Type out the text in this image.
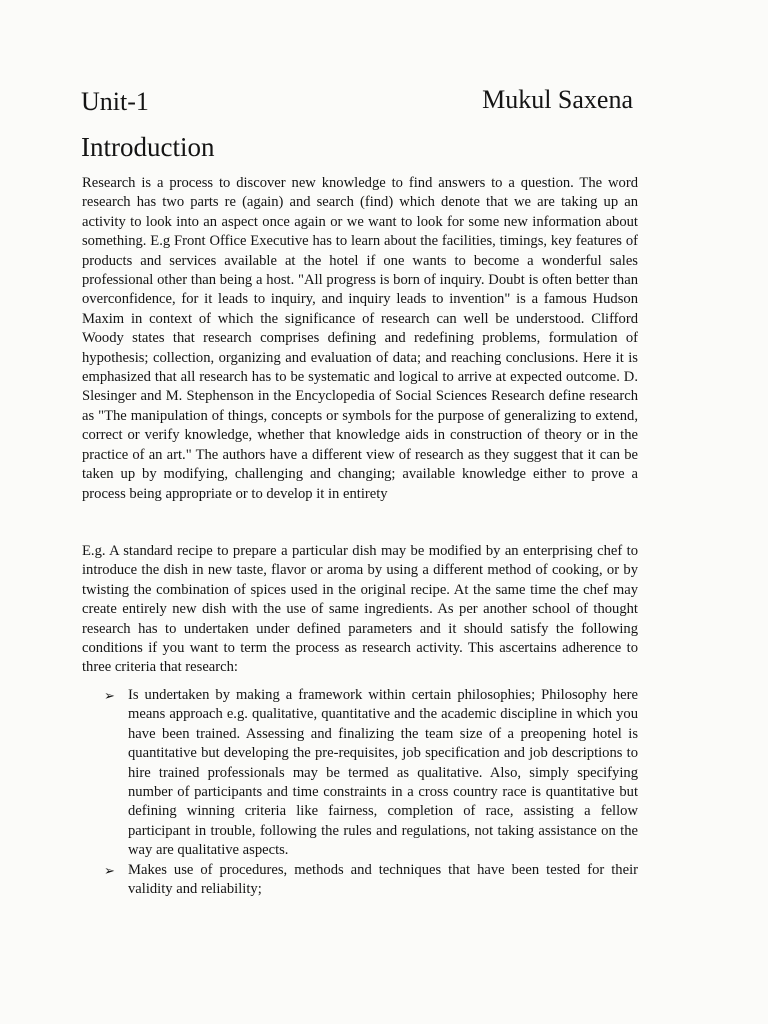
Unit-1	Mukul Saxena
Introduction

Research is a process to discover new knowledge to find answers to a question. The word research has two parts re (again) and search (find) which denote that we are taking up an activity to look into an aspect once again or we want to look for some new information about something. E.g Front Office Executive has to learn about the facilities, timings, key features of products and services available at the hotel if one wants to become a wonderful sales professional other than being a host. "All progress is born of inquiry. Doubt is often better than overconfidence, for it leads to inquiry, and inquiry leads to invention" is a famous Hudson Maxim in context of which the significance of research can well be understood. Clifford Woody states that research comprises defining and redefining problems, formulation of hypothesis; collection, organizing and evaluation of data; and reaching conclusions. Here it is emphasized that all research has to be systematic and logical to arrive at expected outcome. D. Slesinger and M. Stephenson in the Encyclopedia of Social Sciences Research define research as "The manipulation of things, concepts or symbols for the purpose of generalizing to extend, correct or verify knowledge, whether that knowledge aids in construction of theory or in the practice of an art." The authors have a different view of research as they suggest that it can be taken up by modifying, challenging and changing; available knowledge either to prove a process being appropriate or to develop it in entirety

E.g. A standard recipe to prepare a particular dish may be modified by an enterprising chef to introduce the dish in new taste, flavor or aroma by using a different method of cooking, or by twisting the combination of spices used in the original recipe. At the same time the chef may create entirely new dish with the use of same ingredients. As per another school of thought research has to undertaken under defined parameters and it should satisfy the following conditions if you want to term the process as research activity. This ascertains adherence to three criteria that research:

➢ Is undertaken by making a framework within certain philosophies; Philosophy here means approach e.g. qualitative, quantitative and the academic discipline in which you have been trained. Assessing and finalizing the team size of a preopening hotel is quantitative but developing the pre-requisites, job specification and job descriptions to hire trained professionals may be termed as qualitative. Also, simply specifying number of participants and time constraints in a cross country race is quantitative but defining winning criteria like fairness, completion of race, assisting a fellow participant in trouble, following the rules and regulations, not taking assistance on the way are qualitative aspects.
➢ Makes use of procedures, methods and techniques that have been tested for their validity and reliability;
